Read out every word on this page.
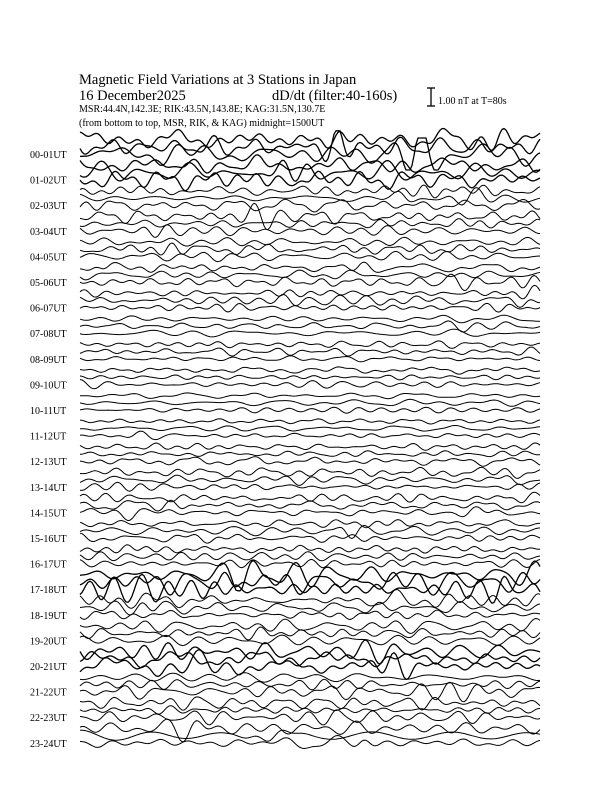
Magnetic Field Variations at 3 Stations in Japan
16 December2025	dD/dt (filter:40-160s)
MSR:44.4N,142.3E; RIK:43.5N,143.8E; KAG:31.5N,130.7E
(from bottom to top, MSR, RIK, & KAG) midnight=1500UT
1.00 nT at T=80s
00-01UT
01-02UT
02-03UT
03-04UT
04-05UT
05-06UT
06-07UT
07-08UT
08-09UT
09-10UT
10-11UT
11-12UT
12-13UT
13-14UT
14-15UT
15-16UT
16-17UT
17-18UT
18-19UT
19-20UT
20-21UT
21-22UT
22-23UT
23-24UT
